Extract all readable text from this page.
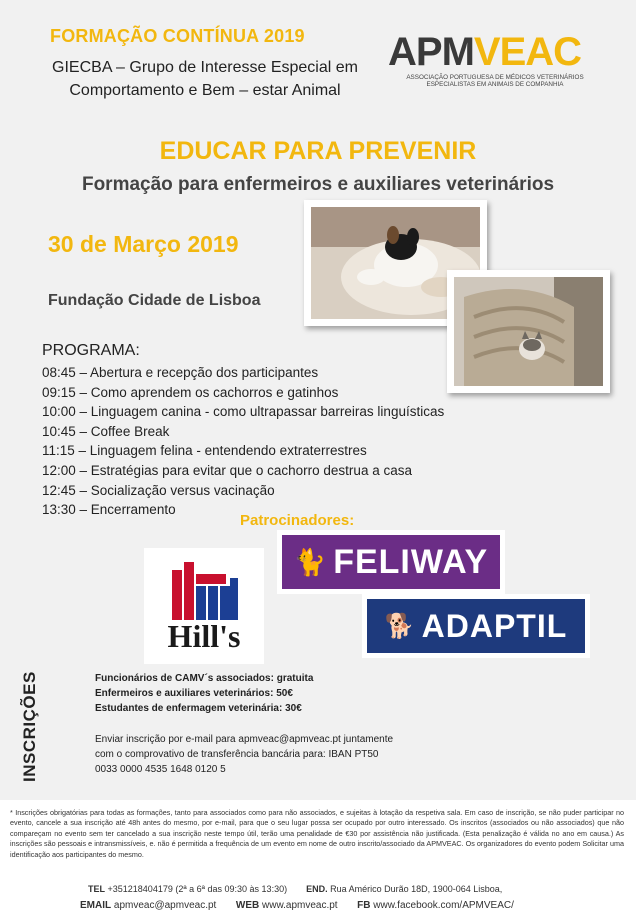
FORMAÇÃO CONTÍNUA 2019
GIECBA – Grupo de Interesse Especial em
Comportamento e Bem – estar Animal
APMVEAC
ASSOCIAÇÃO PORTUGUESA DE MÉDICOS VETERINÁRIOS
ESPECIALISTAS EM ANIMAIS DE COMPANHIA
EDUCAR PARA PREVENIR
Formação para enfermeiros e auxiliares veterinários
30 de Março 2019
Fundação Cidade de Lisboa
PROGRAMA:
08:45 – Abertura e recepção dos participantes
09:15 – Como aprendem os cachorros e gatinhos
10:00 – Linguagem canina - como ultrapassar barreiras linguísticas
10:45 – Coffee Break
11:15 – Linguagem felina - entendendo extraterrestres
12:00 – Estratégias para evitar que o cachorro destrua a casa
12:45 – Socialização versus vacinação
13:30 – Encerramento
Patrocinadores:
Hill's
🐈 FELIWAY
🐕 ADAPTIL
INSCRIÇÕES	Funcionários de CAMV´s associados: gratuita
Enfermeiros e auxiliares veterinários: 50€
Estudantes de enfermagem veterinária: 30€
Enviar inscrição por e-mail para apmveac@apmveac.pt juntamente
com o comprovativo de transferência bancária para: IBAN PT50
0033 0000 4535 1648 0120 5
* Inscrições obrigatórias para todas as formações, tanto para associados como para não associados, e sujeitas à lotação da respetiva sala. Em caso de inscrição, se não puder participar no evento, cancele a sua inscrição até 48h antes do mesmo, por e-mail, para que o seu lugar possa ser ocupado por outro interessado. Os inscritos (associados ou não associados) que não compareçam no evento sem ter cancelado a sua inscrição neste tempo útil, terão uma penalidade de €30 por assistência não justificada. (Esta penalização é válida no ano em causa.) As inscrições são pessoais e intransmissíveis, e. não é permitida a frequência de um evento em nome de outro inscrito/associado da APMVEAC. Os organizadores do evento podem Solicitar uma identificação aos participantes do mesmo.
TEL +351218404179 (2ª a 6ª das 09:30 às 13:30) END. Rua Américo Durão 18D, 1900-064 Lisboa,
EMAIL apmveac@apmveac.pt WEB www.apmveac.pt FB www.facebook.com/APMVEAC/
